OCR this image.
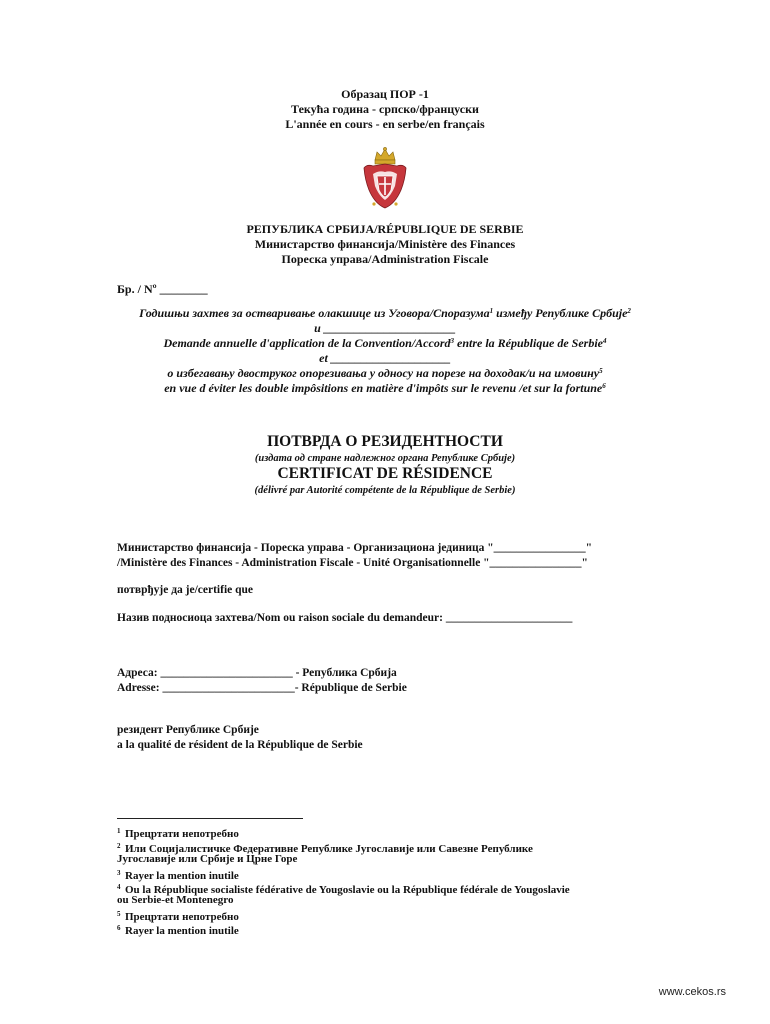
Образац ПОР -1
Текућа година - српско/француски
L'année en cours - en serbe/en français
РЕПУБЛИКА СРБИЈА/RÉPUBLIQUE DE SERBIE
Министарство финансија/Ministère des Finances
Пореска управа/Administration Fiscale
Бр. / Nº ________
Годишњи захтев за остваривање олакшице из Уговора/Споразума$^1$ између Републике Србије$^2$
и ______________________
Demande annuelle d'application de la Convention/Accord$^3$ entre la République de Serbie$^4$
et ____________________
о избегавању двоструког опорезивања у односу на порезе на доходак/и на имовину$^5$
en vue d éviter les double impôsitions en matière d'impôts sur le revenu /et sur la fortune$^6$
ПОТВРДА О РЕЗИДЕНТНОСТИ
(издата од стране надлежног органа Републике Србије)
CERTIFICAT DE RÉSIDENCE
(délivré par Autorité compétente de la République de Serbie)
Министарство финансија - Пореска управа - Организациона јединица "________________"
/Ministère des Finances - Administration Fiscale - Unité Organisationnelle "________________"
потврђује да је/certifie que
Назив подносиоца захтева/Nom ou raison sociale du demandeur: ______________________
Адреса: _______________________ - Република Србија
Adresse: _______________________- République de Serbie
резидент Републике Србије
a la qualité de résident de la République de Serbie
1 Прецртати непотребно
2 Или Социјалистичке Федеративне Републике Југославије или Савезне Републике
Југославије или Србије и Црне Горе
3 Rayer la mention inutile
4 Ou la République socialiste fédérative de Yougoslavie ou la République fédérale de Yougoslavie
ou Serbie-et Montenegro
5 Прецртати непотребно
6 Rayer la mention inutile
www.cekos.rs
